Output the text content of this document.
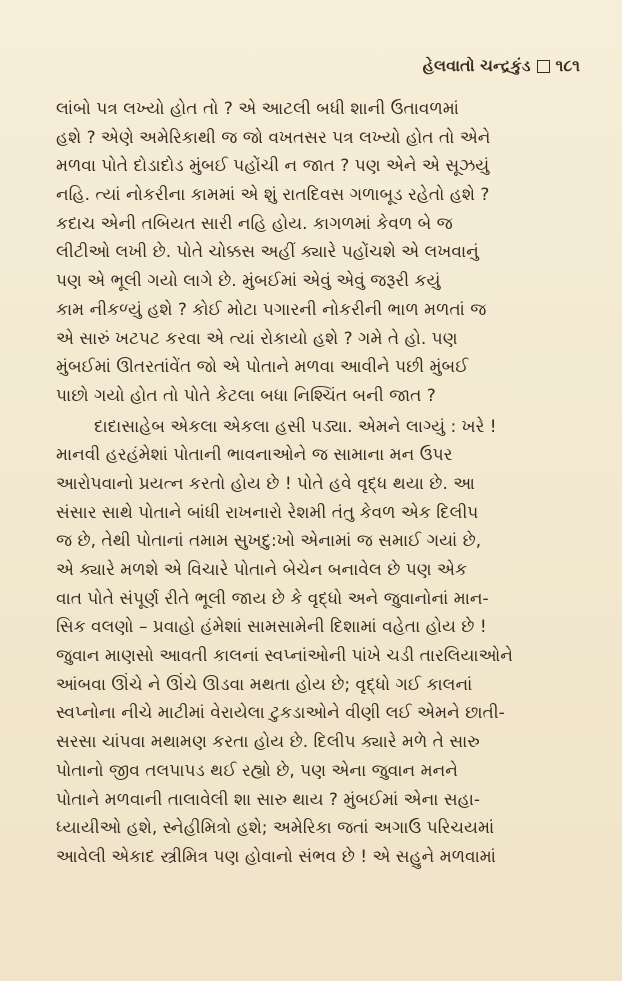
હેલવાતો ચન્દ્રકુંડ ૧૮૧
લાંબો પત્ર લખ્યો હોત તો ? એ આટલી બધી શાની ઉતાવળમાં
હશે ? એણે અમેરિકાથી જ જો વખતસર પત્ર લખ્યો હોત તો એને
મળવા પોતે દોડાદોડ મુંબઈ પહોંચી ન જાત ? પણ એને એ સૂઝયું
નહિ. ત્યાં નોકરીના કામમાં એ શું રાતદિવસ ગળાબૂડ રહેતો હશે ?
કદાચ એની તબિયત સારી નહિ હોય. કાગળમાં કેવળ બે જ
લીટીઓ લખી છે. પોતે ચોક્કસ અહીં ક્યારે પહોંચશે એ લખવાનું
પણ એ ભૂલી ગયો લાગે છે. મુંબઈમાં એવું એવું જરૂરી કયું
કામ નીકળ્યું હશે ? કોઈ મોટા પગારની નોકરીની ભાળ મળતાં જ
એ સારું ખટપટ કરવા એ ત્યાં રોકાયો હશે ? ગમે તે હો. પણ
મુંબઈમાં ઊતરતાંવેંત જો એ પોતાને મળવા આવીને પછી મુંબઈ
પાછો ગયો હોત તો પોતે કેટલા બધા નિશ્ચિંત બની જાત ?
દાદાસાહેબ એકલા એકલા હસી પડ્યા. એમને લાગ્યું : ખરે !
માનવી હરહંમેશાં પોતાની ભાવનાઓને જ સામાના મન ઉપર
આરોપવાનો પ્રયત્ન કરતો હોય છે ! પોતે હવે વૃદ્ધ થયા છે. આ
સંસાર સાથે પોતાને બાંધી રાખનારો રેશમી તંતુ કેવળ એક દિલીપ
જ છે, તેથી પોતાનાં તમામ સુખદુ:ખો એનામાં જ સમાઈ ગયાં છે,
એ ક્યારે મળશે એ વિચારે પોતાને બેચેન બનાવેલ છે પણ એક
વાત પોતે સંપૂર્ણ રીતે ભૂલી જાય છે કે વૃદ્ધો અને જુવાનોનાં માન-
સિક વલણો – પ્રવાહો હંમેશાં સામસામેની દિશામાં વહેતા હોય છે !
જુવાન માણસો આવતી કાલનાં સ્વપ્નાંઓની પાંખે ચડી તારલિયાઓને
આંબવા ઊંચે ને ઊંચે ઊડવા મથતા હોય છે; વૃદ્ધો ગઈ કાલનાં
સ્વપ્નોના નીચે માટીમાં વેરાયેલા ટુકડાઓને વીણી લઈ એમને છાતી-
સરસા ચાંપવા મથામણ કરતા હોય છે. દિલીપ ક્યારે મળે તે સારુ
પોતાનો જીવ તલપાપડ થઈ રહ્યો છે, પણ એના જુવાન મનને
પોતાને મળવાની તાલાવેલી શા સારુ થાય ? મુંબઈમાં એના સહા-
ધ્યાયીઓ હશે, સ્નેહીમિત્રો હશે; અમેરિકા જતાં અગાઉ પરિચયમાં
આવેલી એકાદ સ્ત્રીમિત્ર પણ હોવાનો સંભવ છે ! એ સહુને મળવામાં
